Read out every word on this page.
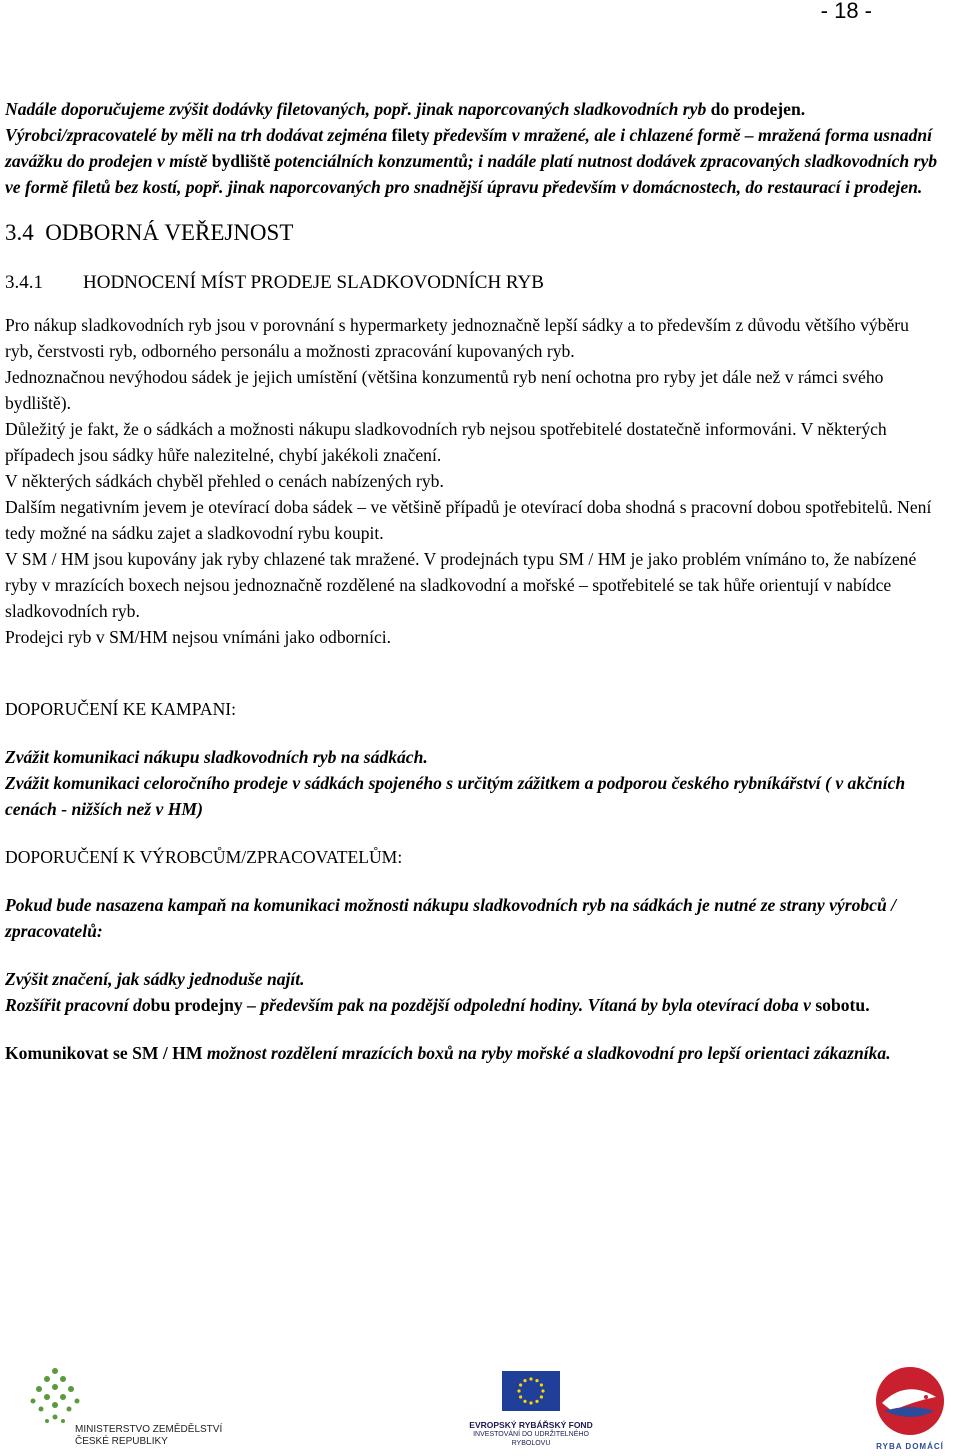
- 18 -

Nadále doporučujeme zvýšit dodávky filetovaných, popř. jinak naporcovaných sladkovodních ryb do prodejen.

Výrobci/zpracovatelé by měli na trh dodávat zejména filety především v mražené, ale i chlazené formě – mražená forma usnadní zavážku do prodejen v místě bydliště potenciálních konzumentů; i nadále platí nutnost dodávek zpracovaných sladkovodních ryb ve formě filetů bez kostí, popř. jinak naporcovaných pro snadnější úpravu především v domácnostech, do restaurací i prodejen.

3.4 ODBORNÁ VEŘEJNOST

3.4.1 HODNOCENÍ MÍST PRODEJE SLADKOVODNÍCH RYB

Pro nákup sladkovodních ryb jsou v porovnání s hypermarkety jednoznačně lepší sádky a to především z důvodu většího výběru ryb, čerstvosti ryb, odborného personálu a možnosti zpracování kupovaných ryb.

Jednoznačnou nevýhodou sádek je jejich umístění (většina konzumentů ryb není ochotna pro ryby jet dále než v rámci svého bydliště).

Důležitý je fakt, že o sádkách a možnosti nákupu sladkovodních ryb nejsou spotřebitelé dostatečně informováni. V některých případech jsou sádky hůře nalezitelné, chybí jakékoli značení.

V některých sádkách chyběl přehled o cenách nabízených ryb.

Dalším negativním jevem je otevírací doba sádek – ve většině případů je otevírací doba shodná s pracovní dobou spotřebitelů. Není tedy možné na sádku zajet a sladkovodní rybu koupit.

V SM / HM jsou kupovány jak ryby chlazené tak mražené. V prodejnách typu SM / HM je jako problém vnímáno to, že nabízené ryby v mrazících boxech nejsou jednoznačně rozdělené na sladkovodní a mořské – spotřebitelé se tak hůře orientují v nabídce sladkovodních ryb.

Prodejci ryb v SM/HM nejsou vnímáni jako odborníci.

DOPORUČENÍ KE KAMPANI:

Zvážit komunikaci nákupu sladkovodních ryb na sádkách.

Zvážit komunikaci celoročního prodeje v sádkách spojeného s určitým zážitkem a podporou českého rybníkářství ( v akčních cenách - nižších než v HM)

DOPORUČENÍ K VÝROBCŮM/ZPRACOVATELŮM:

Pokud bude nasazena kampaň na komunikaci možnosti nákupu sladkovodních ryb na sádkách je nutné ze strany výrobců / zpracovatelů:

Zvýšit značení, jak sádky jednoduše najít.

Rozšířit pracovní dobu prodejny – především pak na pozdější odpolední hodiny. Vítaná by byla otevírací doba v sobotu.

Komunikovat se SM / HM možnost rozdělení mrazících boxů na ryby mořské a sladkovodní pro lepší orientaci zákazníka.

MINISTERSTVO ZEMĚDĚLSTVÍ
ČESKÉ REPUBLIKY
EVROPSKÝ RYBÁŘSKÝ FOND
INVESTOVÁNÍ DO UDRŽITELNÉHO
RYBOLOVU	RYBA DOMÁCÍ
